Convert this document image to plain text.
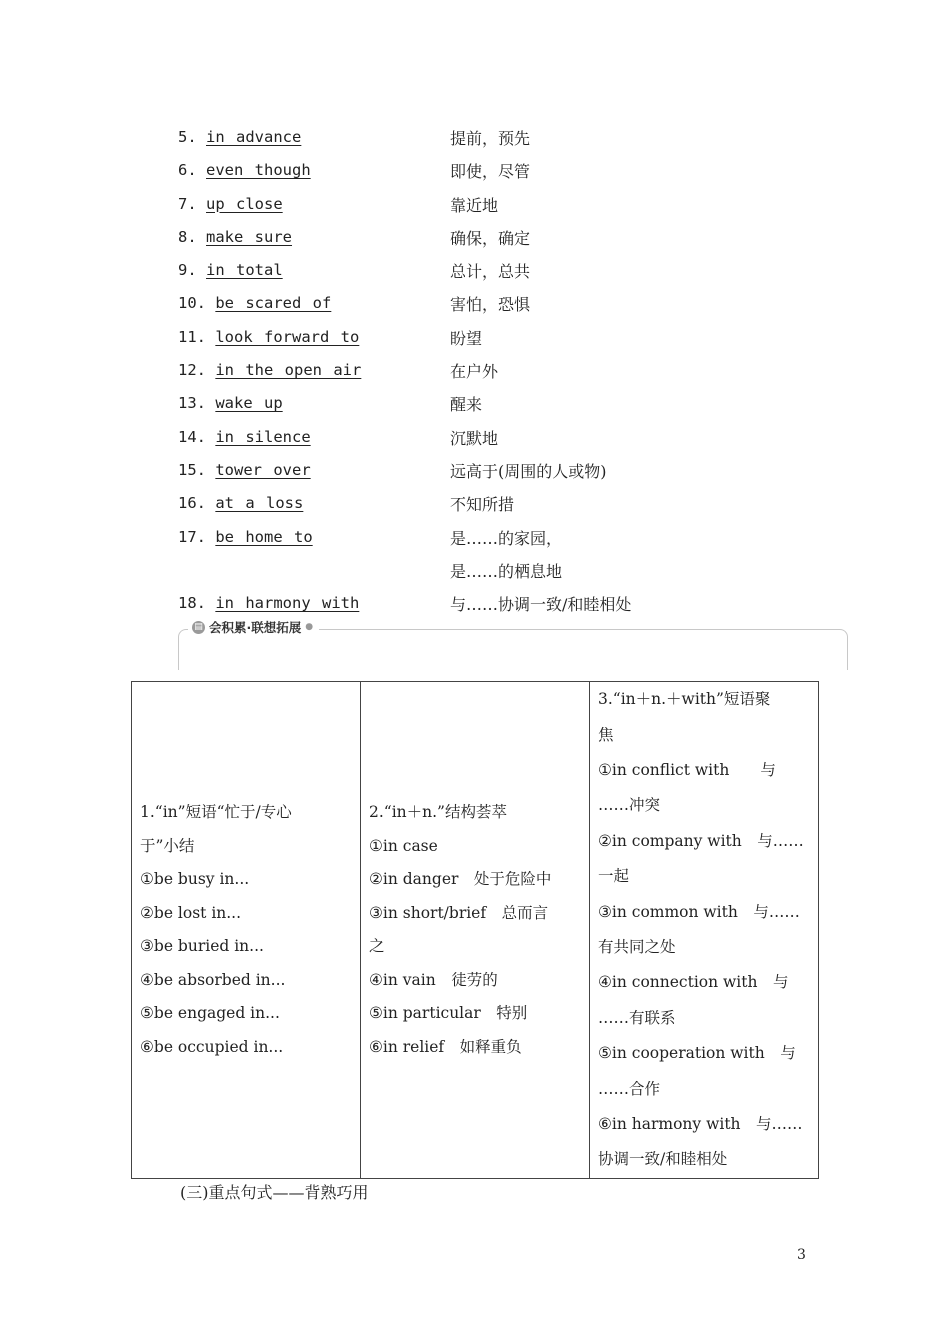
5. in advance	提前，预先
6. even though	即使，尽管
7. up close	靠近地
8. make sure	确保，确定
9. in total	总计，总共
10. be scared of	害怕，恐惧
11. look forward to	盼望
12. in the open air	在户外
13. wake up	醒来
14. in silence	沉默地
15. tower over	远高于(周围的人或物)
16. at a loss	不知所措
17. be home to	是……的家园，
是……的栖息地
18. in harmony with	与……协调一致/和睦相处
▤ 会积累·联想拓展 ●
1.“in”短语“忙于/专心
于”小结
①be busy in...
②be lost in...
③be buried in...
④be absorbed in...
⑤be engaged in...
⑥be occupied in...

2.“in＋n.”结构荟萃
①in case
②in danger　处于危险中
③in short/brief　总而言
之
④in vain　徒劳的
⑤in particular　特别
⑥in relief　如释重负

3.“in＋n.＋with”短语聚
焦
①in conflict with　　与
……冲突
②in company with　与……
一起
③in common with　与……
有共同之处
④in connection with　与
……有联系
⑤in cooperation with　与
……合作
⑥in harmony with　与……
协调一致/和睦相处
(三)重点句式——背熟巧用
3
